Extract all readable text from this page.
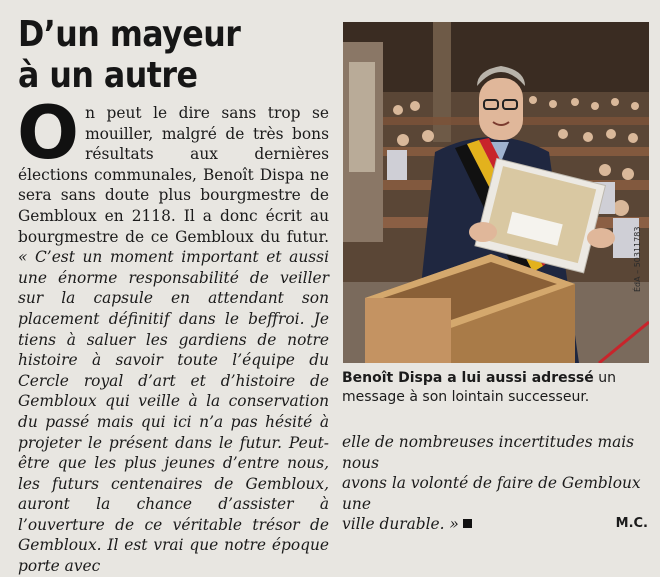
D’un mayeur
à un autre
On peut le dire sans trop se mouiller, malgré de très bons résultats aux dernières élections communales, Benoît Dispa ne sera sans doute plus bourgmestre de Gembloux en 2118. Il a donc écrit au bourgmestre de ce Gembloux du futur. « C’est un moment important et aussi une énorme responsabilité de veiller sur la capsule en attendant son placement définitif dans le beffroi. Je tiens à saluer les gardiens de notre histoire à savoir toute l’équipe du Cercle royal d’art et d’histoire de Gembloux qui veille à la conservation du passé mais qui ici n’a pas hésité à projeter le présent dans le futur. Peut-être que les plus jeunes d’entre nous, les futurs centenaires de Gembloux, auront la chance d’assister à l’ouverture de ce véritable trésor de Gembloux. Il est vrai que notre époque porte avec
ÉdA – 50311783
Benoît Dispa a lui aussi adressé un message à son lointain successeur.
elle de nombreuses incertitudes mais nous
avons la volonté de faire de Gembloux une
ville durable. »	M.C.
